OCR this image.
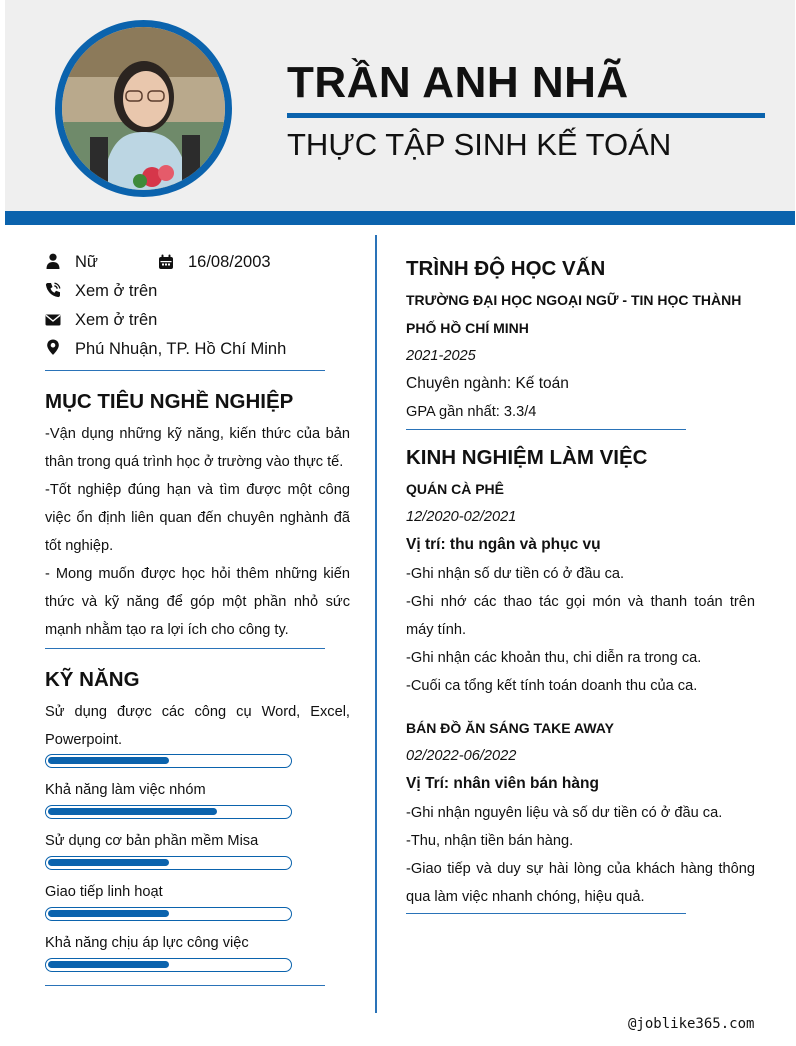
TRẦN ANH NHÃ
THỰC TẬP SINH KẾ TOÁN
Nữ	16/08/2003
Xem ở trên
Xem ở trên
Phú Nhuận, TP. Hồ Chí Minh
MỤC TIÊU NGHỀ NGHIỆP

-Vận dụng những kỹ năng, kiến thức của bản thân trong quá trình học ở trường vào thực tế.

-Tốt nghiệp đúng hạn và tìm được một công việc ổn định liên quan đến chuyên nghành đã tốt nghiệp.

- Mong muốn được học hỏi thêm những kiến thức và kỹ năng để góp một phần nhỏ sức mạnh nhằm tạo ra lợi ích cho công ty.

KỸ NĂNG
Sử dụng được các công cụ Word, Excel, Powerpoint.
Khả năng làm việc nhóm
Sử dụng cơ bản phần mềm Misa
Giao tiếp linh hoạt
Khả năng chịu áp lực công việc
TRÌNH ĐỘ HỌC VẤN
TRƯỜNG ĐẠI HỌC NGOẠI NGỮ - TIN HỌC THÀNH
PHỐ HỒ CHÍ MINH
2021-2025
Chuyên ngành: Kế toán
GPA gần nhất: 3.3/4
KINH NGHIỆM LÀM VIỆC
QUÁN CÀ PHÊ
12/2020-02/2021
Vị trí: thu ngân và phục vụ

-Ghi nhận số dư tiền có ở đầu ca.

-Ghi nhớ các thao tác gọi món và thanh toán trên máy tính.

-Ghi nhận các khoản thu, chi diễn ra trong ca.

-Cuối ca tổng kết tính toán doanh thu của ca.

BÁN ĐỒ ĂN SÁNG TAKE AWAY
02/2022-06/2022
Vị Trí: nhân viên bán hàng

-Ghi nhận nguyên liệu và số dư tiền có ở đầu ca.

-Thu, nhận tiền bán hàng.

-Giao tiếp và duy sự hài lòng của khách hàng thông qua làm việc nhanh chóng, hiệu quả.

@joblike365.com
